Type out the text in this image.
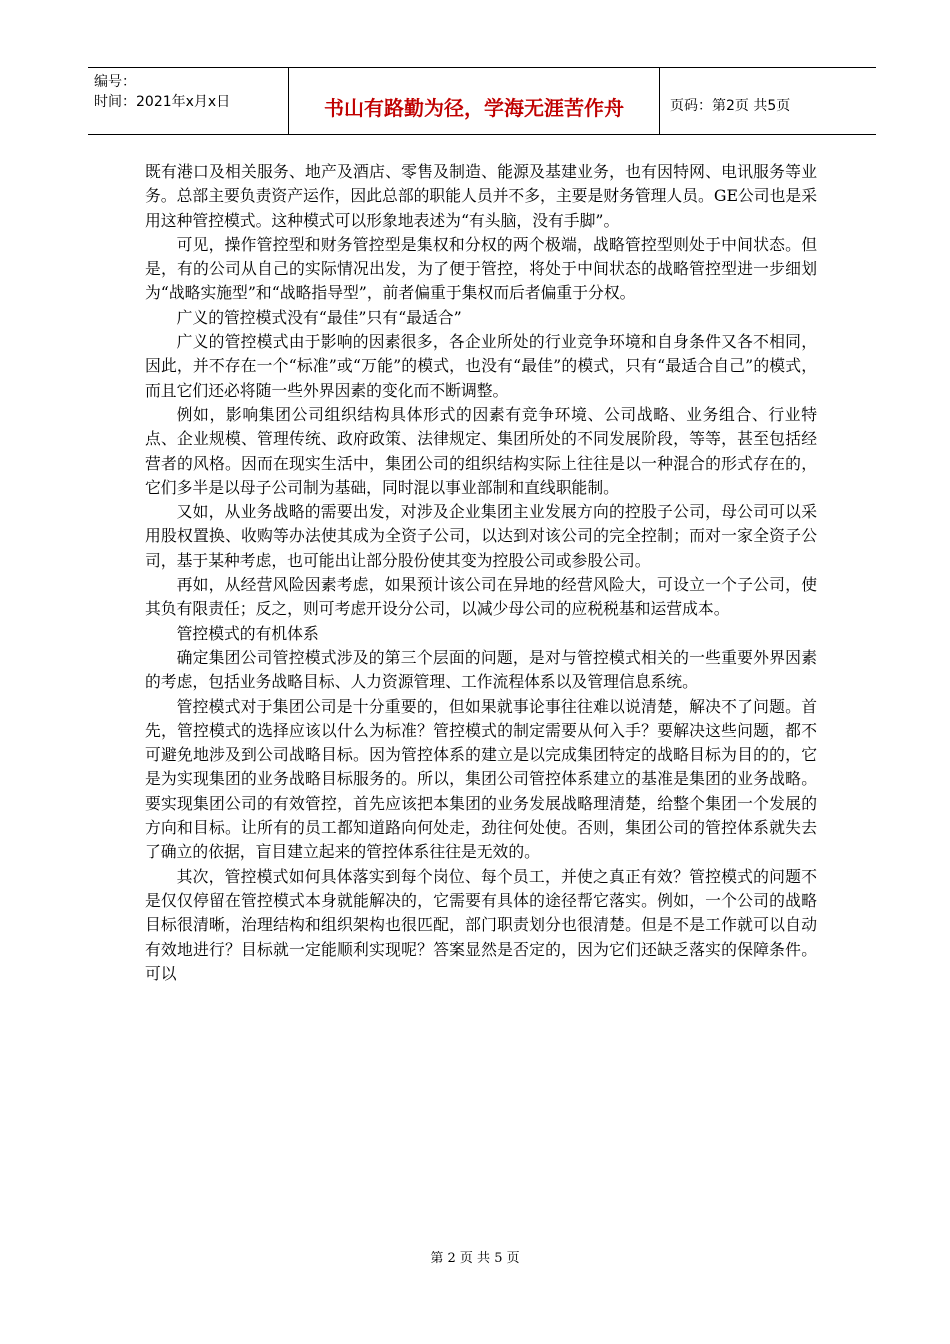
编号：
时间：2021年x月x日	书山有路勤为径，学海无涯苦作舟	页码：第2页 共5页

既有港口及相关服务、地产及酒店、零售及制造、能源及基建业务，也有因特网、电讯服务等业务。总部主要负责资产运作，因此总部的职能人员并不多，主要是财务管理人员。GE公司也是采用这种管控模式。这种模式可以形象地表述为“有头脑，没有手脚”。

可见，操作管控型和财务管控型是集权和分权的两个极端，战略管控型则处于中间状态。但是，有的公司从自己的实际情况出发，为了便于管控，将处于中间状态的战略管控型进一步细划为“战略实施型”和“战略指导型”，前者偏重于集权而后者偏重于分权。

广义的管控模式没有“最佳”只有“最适合”

广义的管控模式由于影响的因素很多，各企业所处的行业竞争环境和自身条件又各不相同，因此，并不存在一个“标准”或“万能”的模式，也没有“最佳”的模式，只有“最适合自己”的模式，而且它们还必将随一些外界因素的变化而不断调整。

例如，影响集团公司组织结构具体形式的因素有竞争环境、公司战略、业务组合、行业特点、企业规模、管理传统、政府政策、法律规定、集团所处的不同发展阶段，等等，甚至包括经营者的风格。因而在现实生活中，集团公司的组织结构实际上往往是以一种混合的形式存在的，它们多半是以母子公司制为基础，同时混以事业部制和直线职能制。

又如，从业务战略的需要出发，对涉及企业集团主业发展方向的控股子公司，母公司可以采用股权置换、收购等办法使其成为全资子公司，以达到对该公司的完全控制；而对一家全资子公司，基于某种考虑，也可能出让部分股份使其变为控股公司或参股公司。

再如，从经营风险因素考虑，如果预计该公司在异地的经营风险大，可设立一个子公司，使其负有限责任；反之，则可考虑开设分公司，以减少母公司的应税税基和运营成本。

管控模式的有机体系

确定集团公司管控模式涉及的第三个层面的问题，是对与管控模式相关的一些重要外界因素的考虑，包括业务战略目标、人力资源管理、工作流程体系以及管理信息系统。

管控模式对于集团公司是十分重要的，但如果就事论事往往难以说清楚，解决不了问题。首先，管控模式的选择应该以什么为标准？管控模式的制定需要从何入手？要解决这些问题，都不可避免地涉及到公司战略目标。因为管控体系的建立是以完成集团特定的战略目标为目的的，它是为实现集团的业务战略目标服务的。所以，集团公司管控体系建立的基准是集团的业务战略。要实现集团公司的有效管控，首先应该把本集团的业务发展战略理清楚，给整个集团一个发展的方向和目标。让所有的员工都知道路向何处走，劲往何处使。否则，集团公司的管控体系就失去了确立的依据，盲目建立起来的管控体系往往是无效的。

其次，管控模式如何具体落实到每个岗位、每个员工，并使之真正有效？管控模式的问题不是仅仅停留在管控模式本身就能解决的，它需要有具体的途径帮它落实。例如，一个公司的战略目标很清晰，治理结构和组织架构也很匹配，部门职责划分也很清楚。但是不是工作就可以自动有效地进行？目标就一定能顺利实现呢？答案显然是否定的，因为它们还缺乏落实的保障条件。可以

第 2 页 共 5 页
